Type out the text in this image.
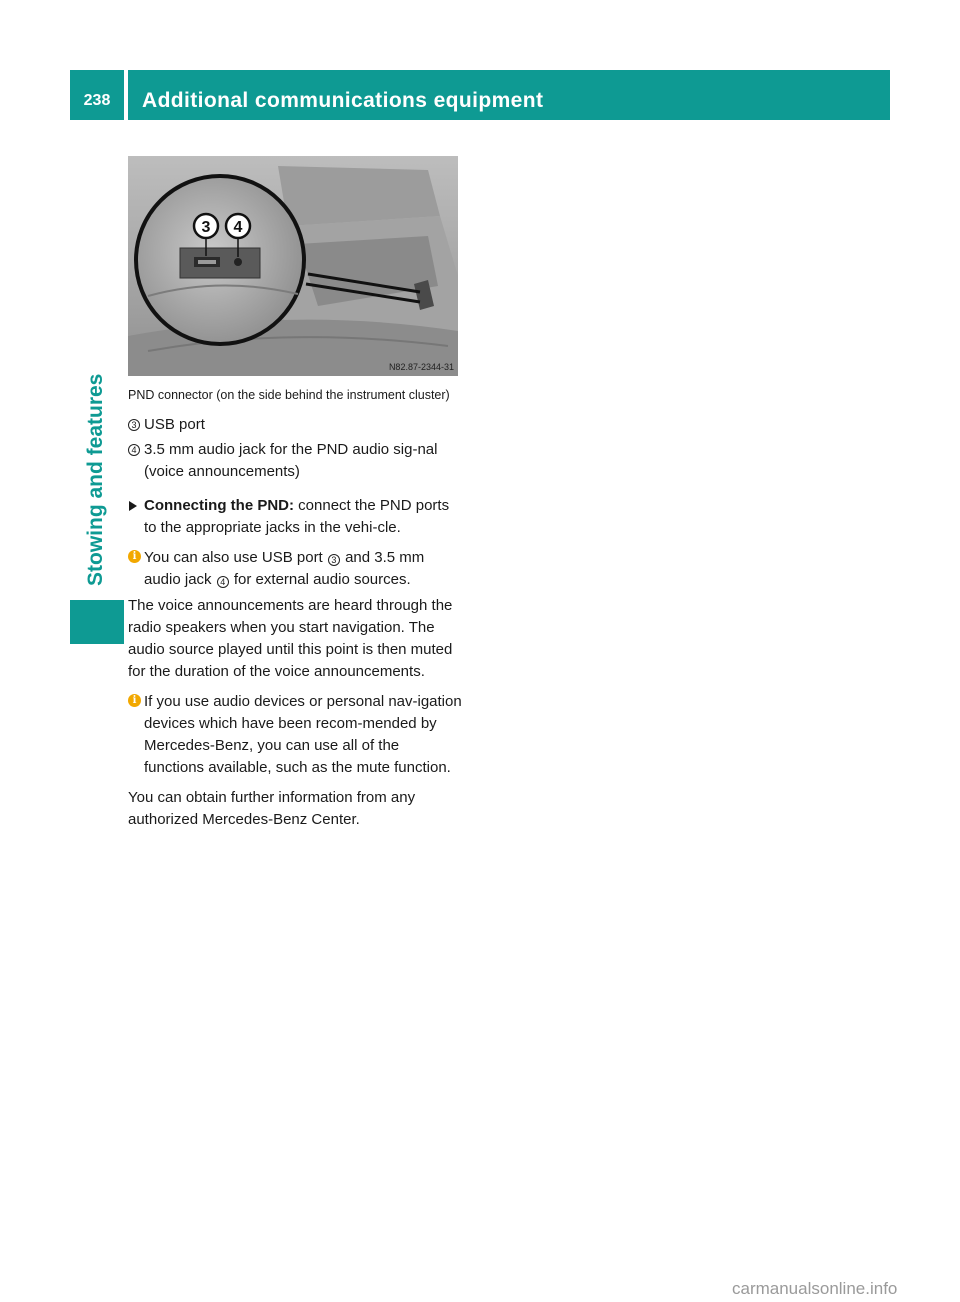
238	Additional communications equipment
Stowing and features
3 4
N82.87-2344-31
PND connector (on the side behind the instrument cluster)
3 USB port
4 3.5 mm audio jack for the PND audio sig-nal (voice announcements)
Connecting the PND: connect the PND ports to the appropriate jacks in the vehi-cle.
i You can also use USB port 3 and 3.5 mm audio jack 4 for external audio sources.
The voice announcements are heard through the radio speakers when you start navigation. The audio source played until this point is then muted for the duration of the voice announcements.
i If you use audio devices or personal nav-igation devices which have been recom-mended by Mercedes-Benz, you can use all of the functions available, such as the mute function.
You can obtain further information from any authorized Mercedes-Benz Center.
carmanualsonline.info
